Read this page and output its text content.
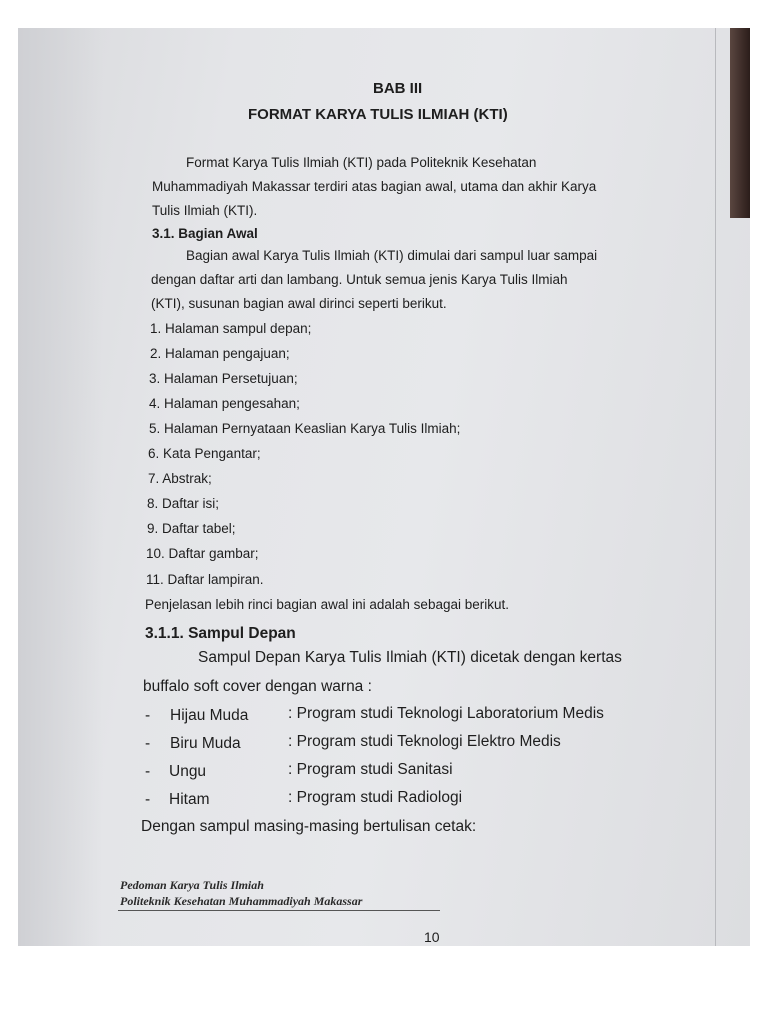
BAB III
FORMAT KARYA TULIS ILMIAH (KTI)
Format Karya Tulis Ilmiah (KTI) pada Politeknik Kesehatan
Muhammadiyah Makassar terdiri atas bagian awal, utama dan akhir Karya
Tulis Ilmiah (KTI).
3.1. Bagian Awal
Bagian awal Karya Tulis Ilmiah (KTI) dimulai dari sampul luar sampai
dengan daftar arti dan lambang. Untuk semua jenis Karya Tulis Ilmiah
(KTI), susunan bagian awal dirinci seperti berikut.
1. Halaman sampul depan;
2. Halaman pengajuan;
3. Halaman Persetujuan;
4. Halaman pengesahan;
5. Halaman Pernyataan Keaslian Karya Tulis Ilmiah;
6. Kata Pengantar;
7. Abstrak;
8. Daftar isi;
9. Daftar tabel;
10. Daftar gambar;
11. Daftar lampiran.
Penjelasan lebih rinci bagian awal ini adalah sebagai berikut.
3.1.1. Sampul Depan
Sampul Depan Karya Tulis Ilmiah (KTI) dicetak dengan kertas
buffalo soft cover dengan warna :
- Hijau Muda	: Program studi Teknologi Laboratorium Medis
- Biru Muda	: Program studi Teknologi Elektro Medis
- Ungu	: Program studi Sanitasi
- Hitam	: Program studi Radiologi
Dengan sampul masing-masing bertulisan cetak:
Pedoman Karya Tulis Ilmiah
Politeknik Kesehatan Muhammadiyah Makassar
10
